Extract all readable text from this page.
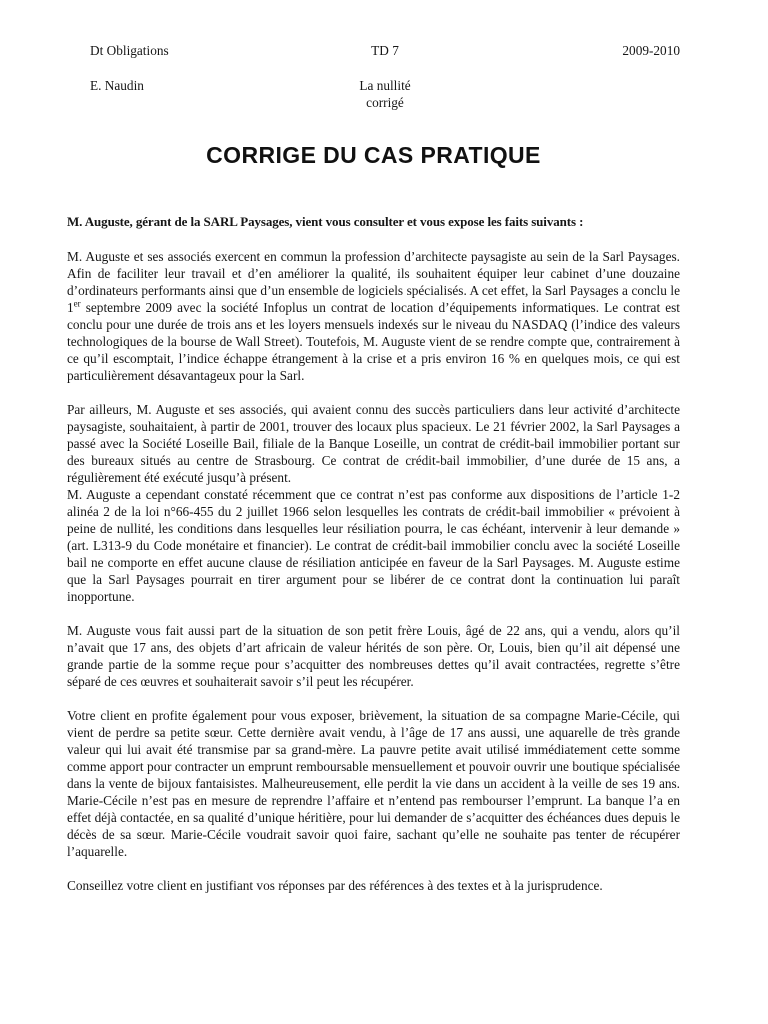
Dt Obligations
E. Naudin
TD 7
La nullité
corrigé
2009-2010
CORRIGE DU CAS PRATIQUE

M. Auguste, gérant de la SARL Paysages, vient vous consulter et vous expose les faits suivants :

M. Auguste et ses associés exercent en commun la profession d’architecte paysagiste au sein de la Sarl Paysages. Afin de faciliter leur travail et d’en améliorer la qualité, ils souhaitent équiper leur cabinet d’une douzaine d’ordinateurs performants ainsi que d’un ensemble de logiciels spécialisés. A cet effet, la Sarl Paysages a conclu le 1er septembre 2009 avec la société Infoplus un contrat de location d’équipements informatiques. Le contrat est conclu pour une durée de trois ans et les loyers mensuels indexés sur le niveau du NASDAQ (l’indice des valeurs technologiques de la bourse de Wall Street). Toutefois, M. Auguste vient de se rendre compte que, contrairement à ce qu’il escomptait, l’indice échappe étrangement à la crise et a pris environ 16 % en quelques mois, ce qui est particulièrement désavantageux pour la Sarl.

Par ailleurs, M. Auguste et ses associés, qui avaient connu des succès particuliers dans leur activité d’architecte paysagiste, souhaitaient, à partir de 2001, trouver des locaux plus spacieux. Le 21 février 2002, la Sarl Paysages a passé avec la Société Loseille Bail, filiale de la Banque Loseille, un contrat de crédit-bail immobilier portant sur des bureaux situés au centre de Strasbourg. Ce contrat de crédit-bail immobilier, d’une durée de 15 ans, a régulièrement été exécuté jusqu’à présent.

M. Auguste a cependant constaté récemment que ce contrat n’est pas conforme aux dispositions de l’article 1-2 alinéa 2 de la loi n°66-455 du 2 juillet 1966 selon lesquelles les contrats de crédit-bail immobilier « prévoient à peine de nullité, les conditions dans lesquelles leur résiliation pourra, le cas échéant, intervenir à leur demande » (art. L313-9 du Code monétaire et financier). Le contrat de crédit-bail immobilier conclu avec la société Loseille bail ne comporte en effet aucune clause de résiliation anticipée en faveur de la Sarl Paysages. M. Auguste estime que la Sarl Paysages pourrait en tirer argument pour se libérer de ce contrat dont la continuation lui paraît inopportune.

M. Auguste vous fait aussi part de la situation de son petit frère Louis, âgé de 22 ans, qui a vendu, alors qu’il n’avait que 17 ans, des objets d’art africain de valeur hérités de son père. Or, Louis, bien qu’il ait dépensé une grande partie de la somme reçue pour s’acquitter des nombreuses dettes qu’il avait contractées, regrette s’être séparé de ces œuvres et souhaiterait savoir s’il peut les récupérer.

Votre client en profite également pour vous exposer, brièvement, la situation de sa compagne Marie-Cécile, qui vient de perdre sa petite sœur. Cette dernière avait vendu, à l’âge de 17 ans aussi, une aquarelle de très grande valeur qui lui avait été transmise par sa grand-mère. La pauvre petite avait utilisé immédiatement cette somme comme apport pour contracter un emprunt remboursable mensuellement et pouvoir ouvrir une boutique spécialisée dans la vente de bijoux fantaisistes. Malheureusement, elle perdit la vie dans un accident à la veille de ses 19 ans. Marie-Cécile n’est pas en mesure de reprendre l’affaire et n’entend pas rembourser l’emprunt. La banque l’a en effet déjà contactée, en sa qualité d’unique héritière, pour lui demander de s’acquitter des échéances dues depuis le décès de sa sœur. Marie-Cécile voudrait savoir quoi faire, sachant qu’elle ne souhaite pas tenter de récupérer l’aquarelle.

Conseillez votre client en justifiant vos réponses par des références à des textes et à la jurisprudence.
